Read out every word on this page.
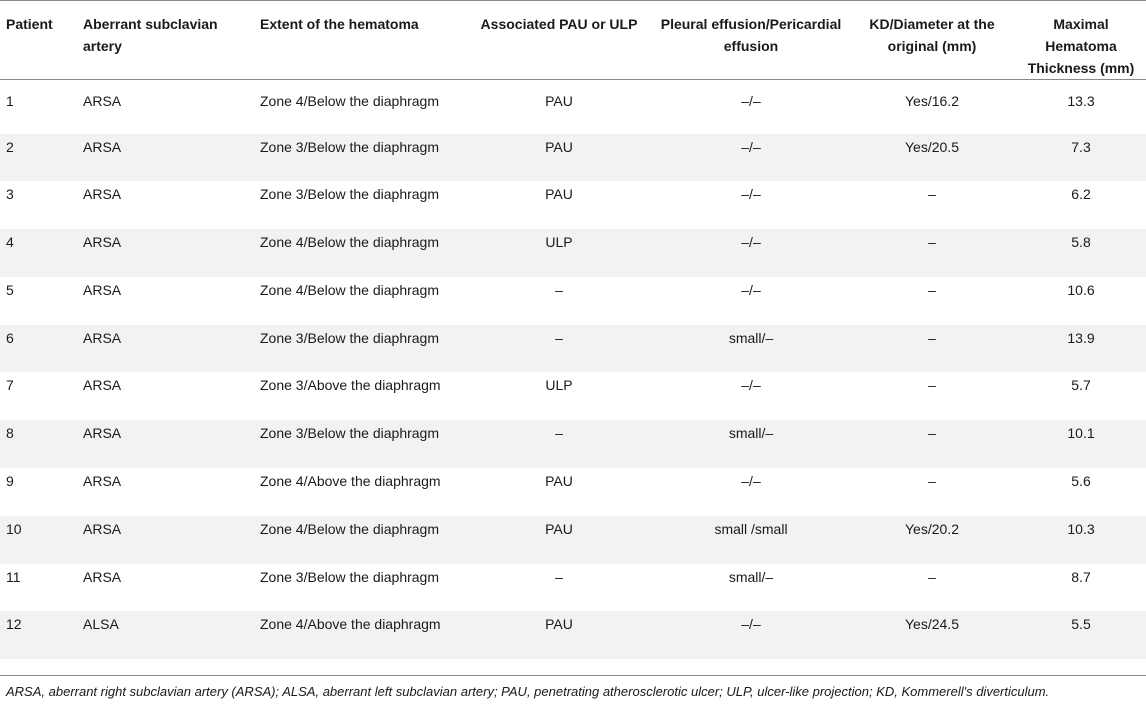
Patient	Aberrant subclavian artery	Extent of the hematoma	Associated PAU or ULP	Pleural effusion/Pericardial effusion	KD/Diameter at the original (mm)	Maximal Hematoma Thickness (mm)
1	ARSA	Zone 4/Below the diaphragm	PAU	–/–	Yes/16.2	13.3
2	ARSA	Zone 3/Below the diaphragm	PAU	–/–	Yes/20.5	7.3
3	ARSA	Zone 3/Below the diaphragm	PAU	–/–	–	6.2
4	ARSA	Zone 4/Below the diaphragm	ULP	–/–	–	5.8
5	ARSA	Zone 4/Below the diaphragm	–	–/–	–	10.6
6	ARSA	Zone 3/Below the diaphragm	–	small/–	–	13.9
7	ARSA	Zone 3/Above the diaphragm	ULP	–/–	–	5.7
8	ARSA	Zone 3/Below the diaphragm	–	small/–	–	10.1
9	ARSA	Zone 4/Above the diaphragm	PAU	–/–	–	5.6
10	ARSA	Zone 4/Below the diaphragm	PAU	small /small	Yes/20.2	10.3
11	ARSA	Zone 3/Below the diaphragm	–	small/–	–	8.7
12	ALSA	Zone 4/Above the diaphragm	PAU	–/–	Yes/24.5	5.5
ARSA, aberrant right subclavian artery (ARSA); ALSA, aberrant left subclavian artery; PAU, penetrating atherosclerotic ulcer; ULP, ulcer-like projection; KD, Kommerell's diverticulum.
